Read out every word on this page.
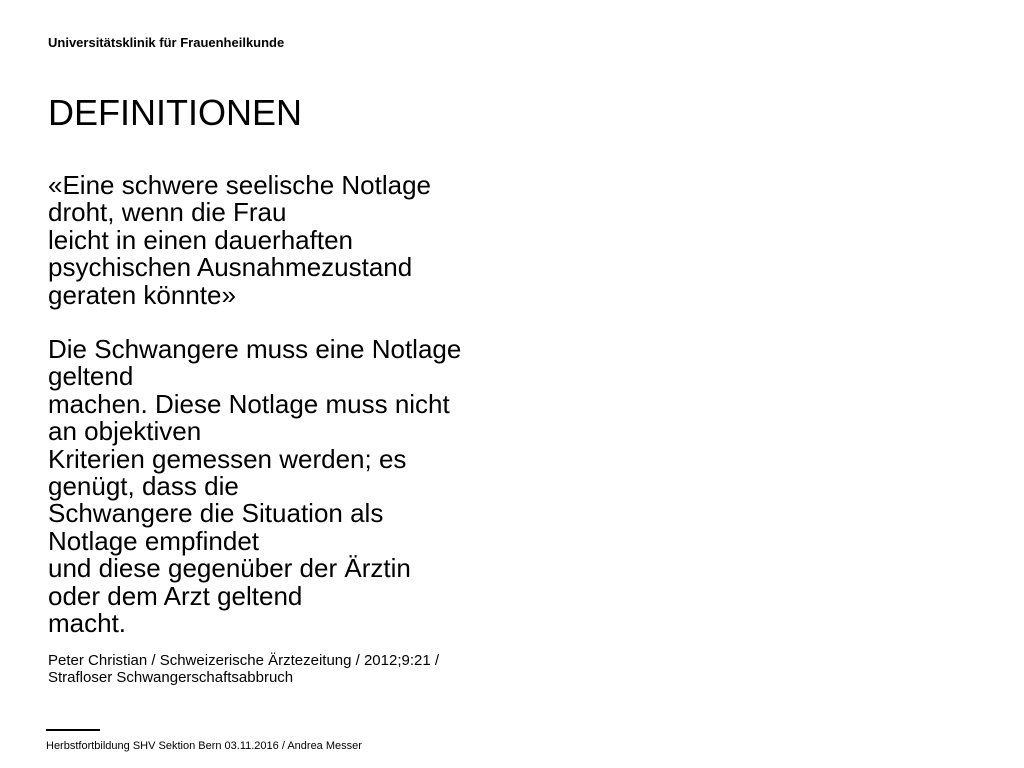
Universitätsklinik für Frauenheilkunde
DEFINITIONEN

«Eine schwere seelische Notlage
droht, wenn die Frau
leicht in einen dauerhaften
psychischen Ausnahmezustand
geraten könnte»

Die Schwangere muss eine Notlage
geltend
machen. Diese Notlage muss nicht
an objektiven
Kriterien gemessen werden; es
genügt, dass die
Schwangere die Situation als
Notlage empfindet
und diese gegenüber der Ärztin
oder dem Arzt geltend
macht.

Peter Christian / Schweizerische Ärztezeitung / 2012;9:21 /
Strafloser Schwangerschaftsabbruch
Herbstfortbildung SHV Sektion Bern 03.11.2016 / Andrea Messer
